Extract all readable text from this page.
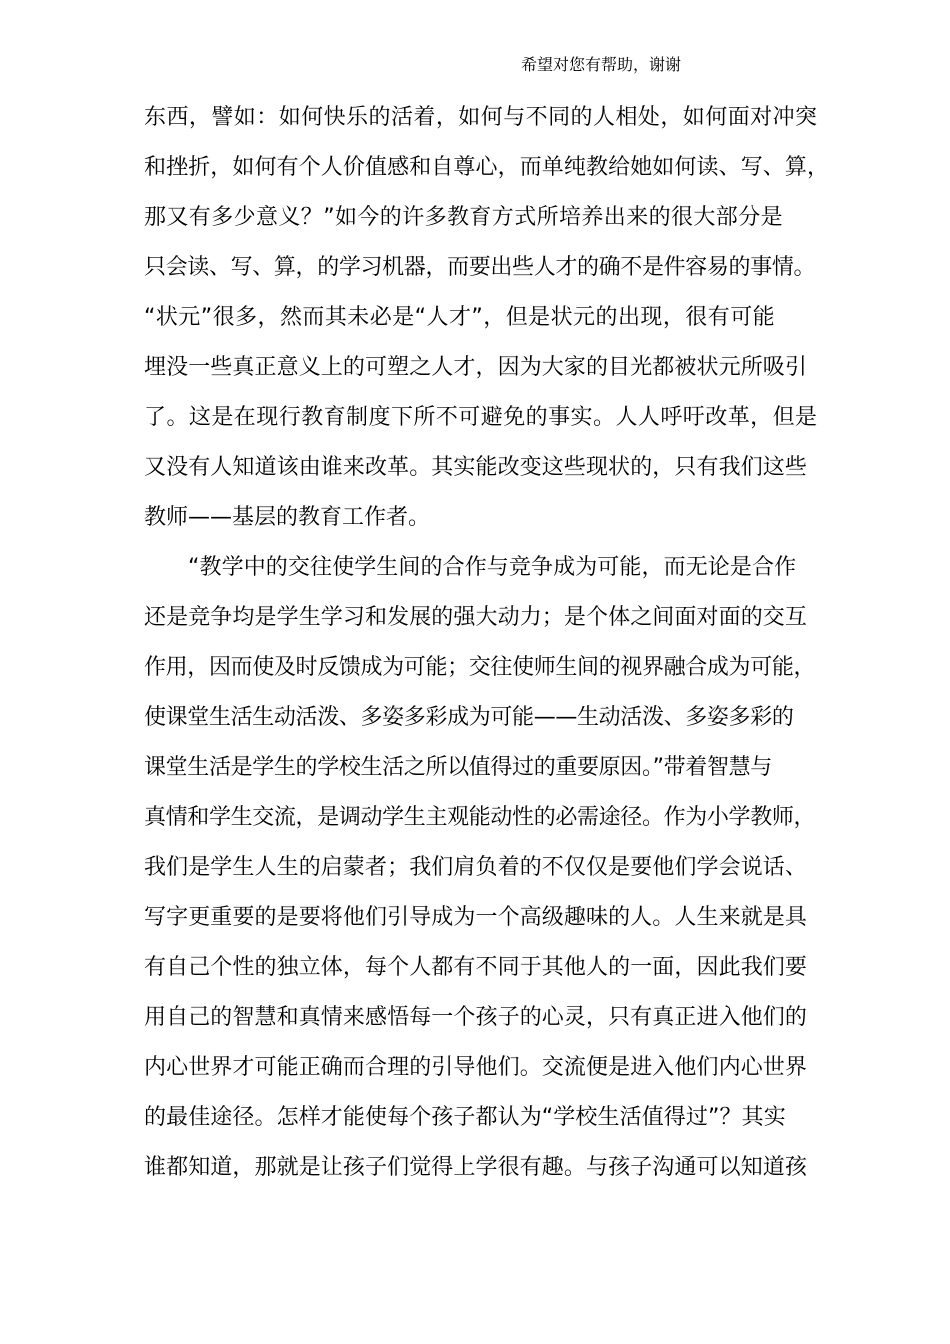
希望对您有帮助，谢谢
东西，譬如：如何快乐的活着，如何与不同的人相处，如何面对冲突
和挫折，如何有个人价值感和自尊心，而单纯教给她如何读、写、算，
那又有多少意义？”如今的许多教育方式所培养出来的很大部分是
只会读、写、算，的学习机器，而要出些人才的确不是件容易的事情。
“状元”很多，然而其未必是“人才”，但是状元的出现，很有可能
埋没一些真正意义上的可塑之人才，因为大家的目光都被状元所吸引
了。这是在现行教育制度下所不可避免的事实。人人呼吁改革，但是
又没有人知道该由谁来改革。其实能改变这些现状的，只有我们这些
教师——基层的教育工作者。
“教学中的交往使学生间的合作与竞争成为可能，而无论是合作
还是竞争均是学生学习和发展的强大动力；是个体之间面对面的交互
作用，因而使及时反馈成为可能；交往使师生间的视界融合成为可能，
使课堂生活生动活泼、多姿多彩成为可能——生动活泼、多姿多彩的
课堂生活是学生的学校生活之所以值得过的重要原因。”带着智慧与
真情和学生交流，是调动学生主观能动性的必需途径。作为小学教师，
我们是学生人生的启蒙者；我们肩负着的不仅仅是要他们学会说话、
写字更重要的是要将他们引导成为一个高级趣味的人。人生来就是具
有自己个性的独立体，每个人都有不同于其他人的一面，因此我们要
用自己的智慧和真情来感悟每一个孩子的心灵，只有真正进入他们的
内心世界才可能正确而合理的引导他们。交流便是进入他们内心世界
的最佳途径。怎样才能使每个孩子都认为“学校生活值得过”？其实
谁都知道，那就是让孩子们觉得上学很有趣。与孩子沟通可以知道孩
